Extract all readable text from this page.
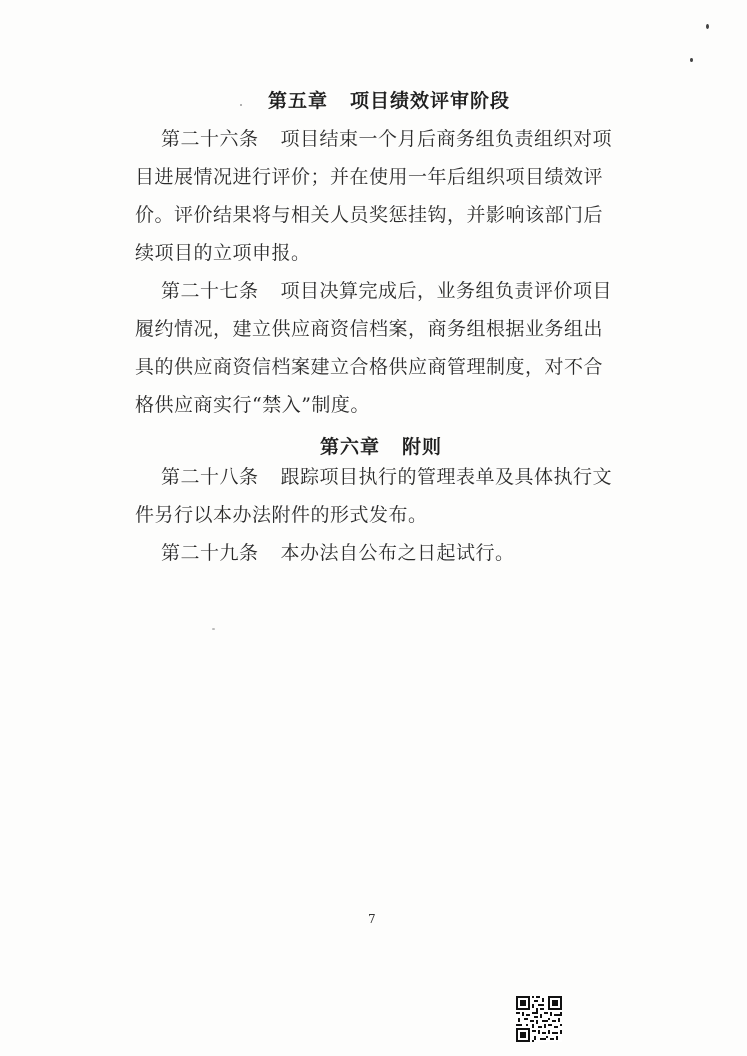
第五章 项目绩效评审阶段
第二十六条 项目结束一个月后商务组负责组织对项目进展情况进行评价；并在使用一年后组织项目绩效评价。评价结果将与相关人员奖惩挂钩，并影响该部门后续项目的立项申报。
第二十七条 项目决算完成后，业务组负责评价项目履约情况，建立供应商资信档案，商务组根据业务组出具的供应商资信档案建立合格供应商管理制度，对不合格供应商实行“禁入”制度。
第六章 附则
第二十八条 跟踪项目执行的管理表单及具体执行文件另行以本办法附件的形式发布。
第二十九条 本办法自公布之日起试行。
7
